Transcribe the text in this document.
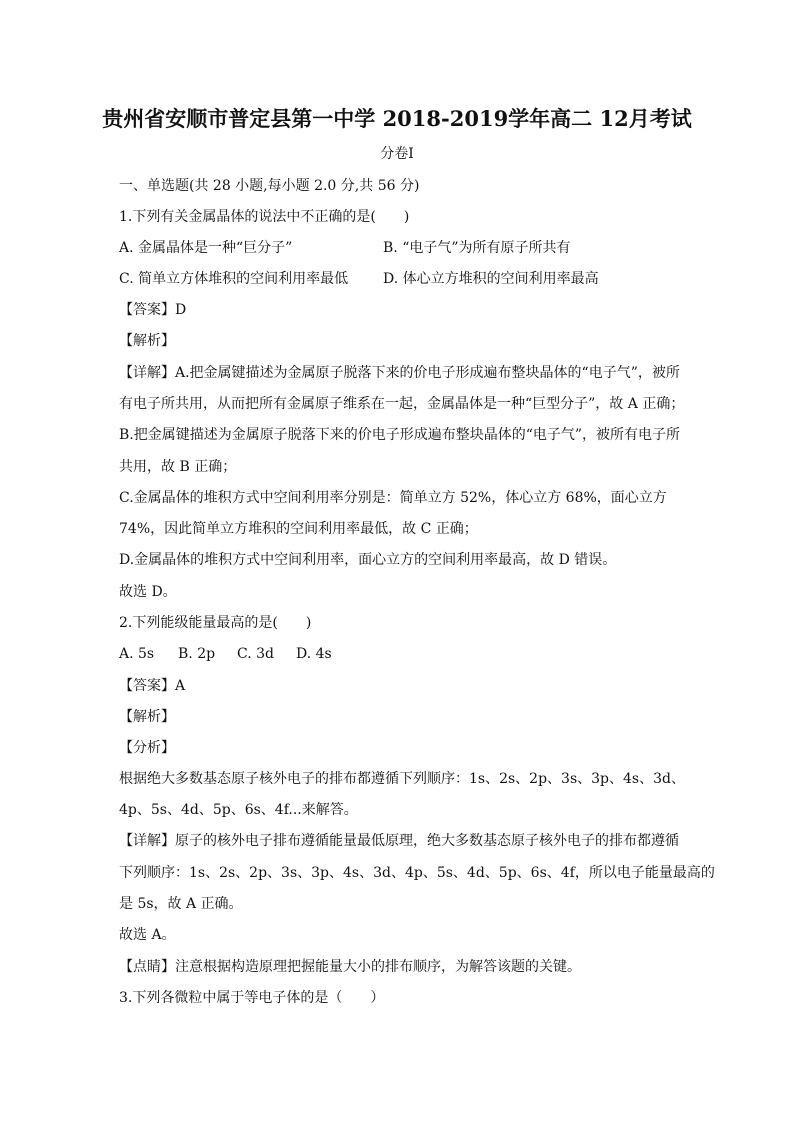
贵州省安顺市普定县第一中学 2018-2019学年高二 12月考试
分卷I
一、单选题(共 28 小题,每小题 2.0 分,共 56 分)
1.下列有关金属晶体的说法中不正确的是(　　)
A. 金属晶体是一种“巨分子”	B. “电子气”为所有原子所共有
C. 简单立方体堆积的空间利用率最低 D. 体心立方堆积的空间利用率最高
【答案】D
【解析】
【详解】A.把金属键描述为金属原子脱落下来的价电子形成遍布整块晶体的“电子气”，被所
有电子所共用，从而把所有金属原子维系在一起，金属晶体是一种“巨型分子”，故 A 正确；
B.把金属键描述为金属原子脱落下来的价电子形成遍布整块晶体的“电子气”，被所有电子所
共用，故 B 正确；
C.金属晶体的堆积方式中空间利用率分别是：简单立方 52%，体心立方 68%，面心立方
74%，因此简单立方堆积的空间利用率最低，故 C 正确；
D.金属晶体的堆积方式中空间利用率，面心立方的空间利用率最高，故 D 错误。
故选 D。
2.下列能级能量最高的是(　　)
A. 5s B. 2p C. 3d D. 4s
【答案】A
【解析】
【分析】
根据绝大多数基态原子核外电子的排布都遵循下列顺序：1s、2s、2p、3s、3p、4s、3d、
4p、5s、4d、5p、6s、4f...来解答。
【详解】原子的核外电子排布遵循能量最低原理，绝大多数基态原子核外电子的排布都遵循
下列顺序：1s、2s、2p、3s、3p、4s、3d、4p、5s、4d、5p、6s、4f，所以电子能量最高的
是 5s，故 A 正确。
故选 A。
【点睛】注意根据构造原理把握能量大小的排布顺序，为解答该题的关键。
3.下列各微粒中属于等电子体的是（　　）
